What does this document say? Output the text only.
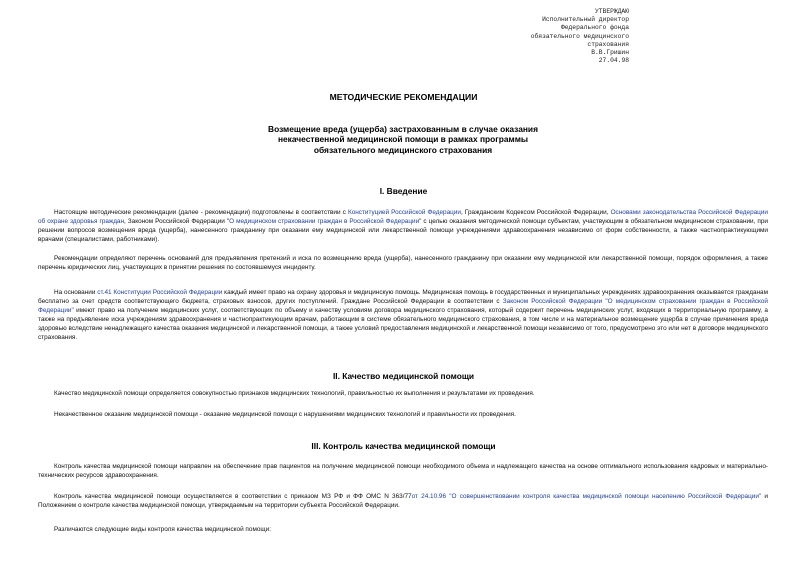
УТВЕРЖДАЮ
Исполнительный директор
Федерального фонда
обязательного медицинского
страхования
В.В.Гришин
27.04.98
МЕТОДИЧЕСКИЕ РЕКОМЕНДАЦИИ
Возмещение вреда (ущерба) застрахованным в случае оказания некачественной медицинской помощи в рамках программы обязательного медицинского страхования
I. Введение
Настоящие методические рекомендации (далее - рекомендации) подготовлены в соответствии с Конституцией Российской Федерации, Гражданским Кодексом Российской Федерации, Основами законодательства Российской Федерации об охране здоровья граждан, Законом Российской Федерации "О медицинском страховании граждан в Российской Федерации" с целью оказания методической помощи субъектам, участвующим в обязательном медицинском страховании, при решении вопросов возмещения вреда (ущерба), нанесенного гражданину при оказании ему медицинской или лекарственной помощи учреждениями здравоохранения независимо от форм собственности, а также частнопрактикующими врачами (специалистами, работниками).
Рекомендации определяют перечень оснований для предъявления претензий и иска по возмещению вреда (ущерба), нанесенного гражданину при оказании ему медицинской или лекарственной помощи, порядок оформления, а также перечень юридических лиц, участвующих в принятии решения по состоявшемуся инциденту.
На основании ст.41 Конституции Российской Федерации каждый имеет право на охрану здоровья и медицинскую помощь. Медицинская помощь в государственных и муниципальных учреждениях здравоохранения оказывается гражданам бесплатно за счет средств соответствующего бюджета, страховых взносов, других поступлений. Граждане Российской Федерации в соответствии с Законом Российской Федерации "О медицинском страховании граждан в Российской Федерации" имеют право на получение медицинских услуг, соответствующих по объему и качеству условиям договора медицинского страхования, который содержит перечень медицинских услуг, входящих в территориальную программу, а также на предъявление иска учреждениям здравоохранения и частнопрактикующим врачам, работающим в системе обязательного медицинского страхования, в том числе и на материальное возмещение ущерба в случае причинения вреда здоровью вследствие ненадлежащего качества оказания медицинской и лекарственной помощи, а также условий предоставления медицинской и лекарственной помощи независимо от того, предусмотрено это или нет в договоре медицинского страхования.
II. Качество медицинской помощи
Качество медицинской помощи определяется совокупностью признаков медицинских технологий, правильностью их выполнения и результатами их проведения.
Некачественное оказание медицинской помощи - оказание медицинской помощи с нарушениями медицинских технологий и правильности их проведения.
III. Контроль качества медицинской помощи
Контроль качества медицинской помощи направлен на обеспечение прав пациентов на получение медицинской помощи необходимого объема и надлежащего качества на основе оптимального использования кадровых и материально-технических ресурсов здравоохранения.
Контроль качества медицинской помощи осуществляется в соответствии с приказом МЗ РФ и ФФ ОМС N 363/77от 24.10.96 "О совершенствовании контроля качества медицинской помощи населению Российской Федерации" и Положением о контроле качества медицинской помощи, утверждаемым на территории субъекта Российской Федерации.
Различаются следующие виды контроля качества медицинской помощи:
